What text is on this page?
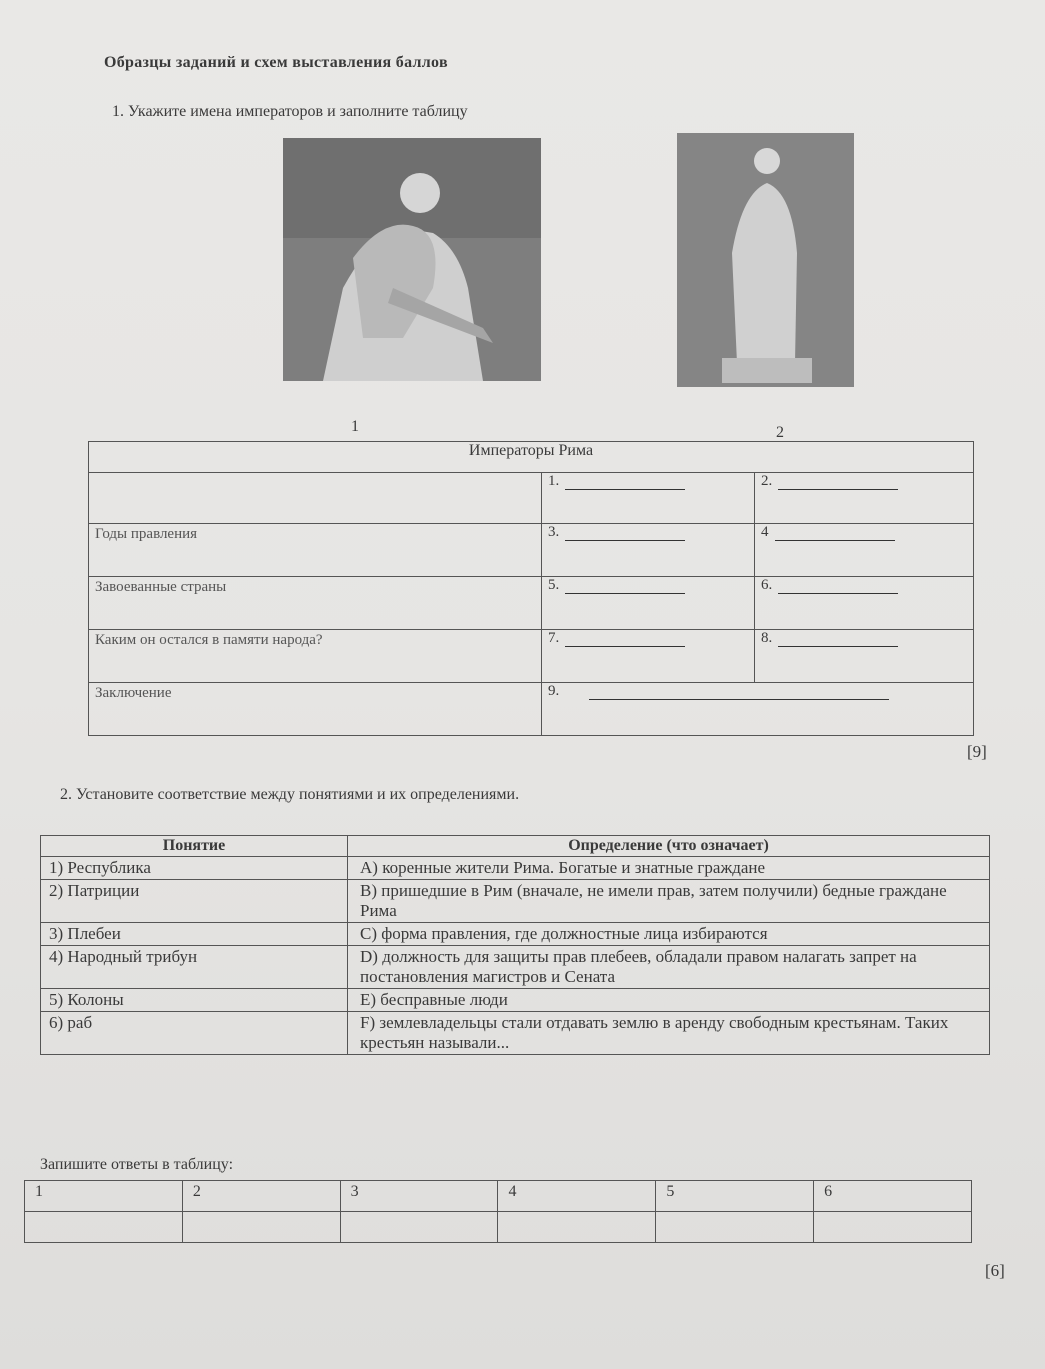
Образцы заданий и схем выставления баллов
1. Укажите имена императоров и заполните таблицу
1	2
Императоры Рима		
	1.	2.
Годы правления	3.	4
Завоеванные страны	5.	6.
Каким он остался в памяти народа?	7.	8.
Заключение	9.	
[9]
2. Установите соответствие между понятиями и их определениями.
Понятие	Определение (что означает)
1) Республика	A) коренные жители Рима. Богатые и знатные граждане
2) Патриции	B) пришедшие в Рим (вначале, не имели прав, затем получили) бедные граждане Рима
3) Плебеи	C) форма правления, где должностные лица избираются
4) Народный трибун	D) должность для защиты прав плебеев, обладали правом налагать запрет на постановления магистров и Сената
5) Колоны	E) бесправные люди
6) раб	F) землевладельцы стали отдавать землю в аренду свободным крестьянам. Таких крестьян называли...
Запишите ответы в таблицу:
1	2	3	4	5	6

[6]
